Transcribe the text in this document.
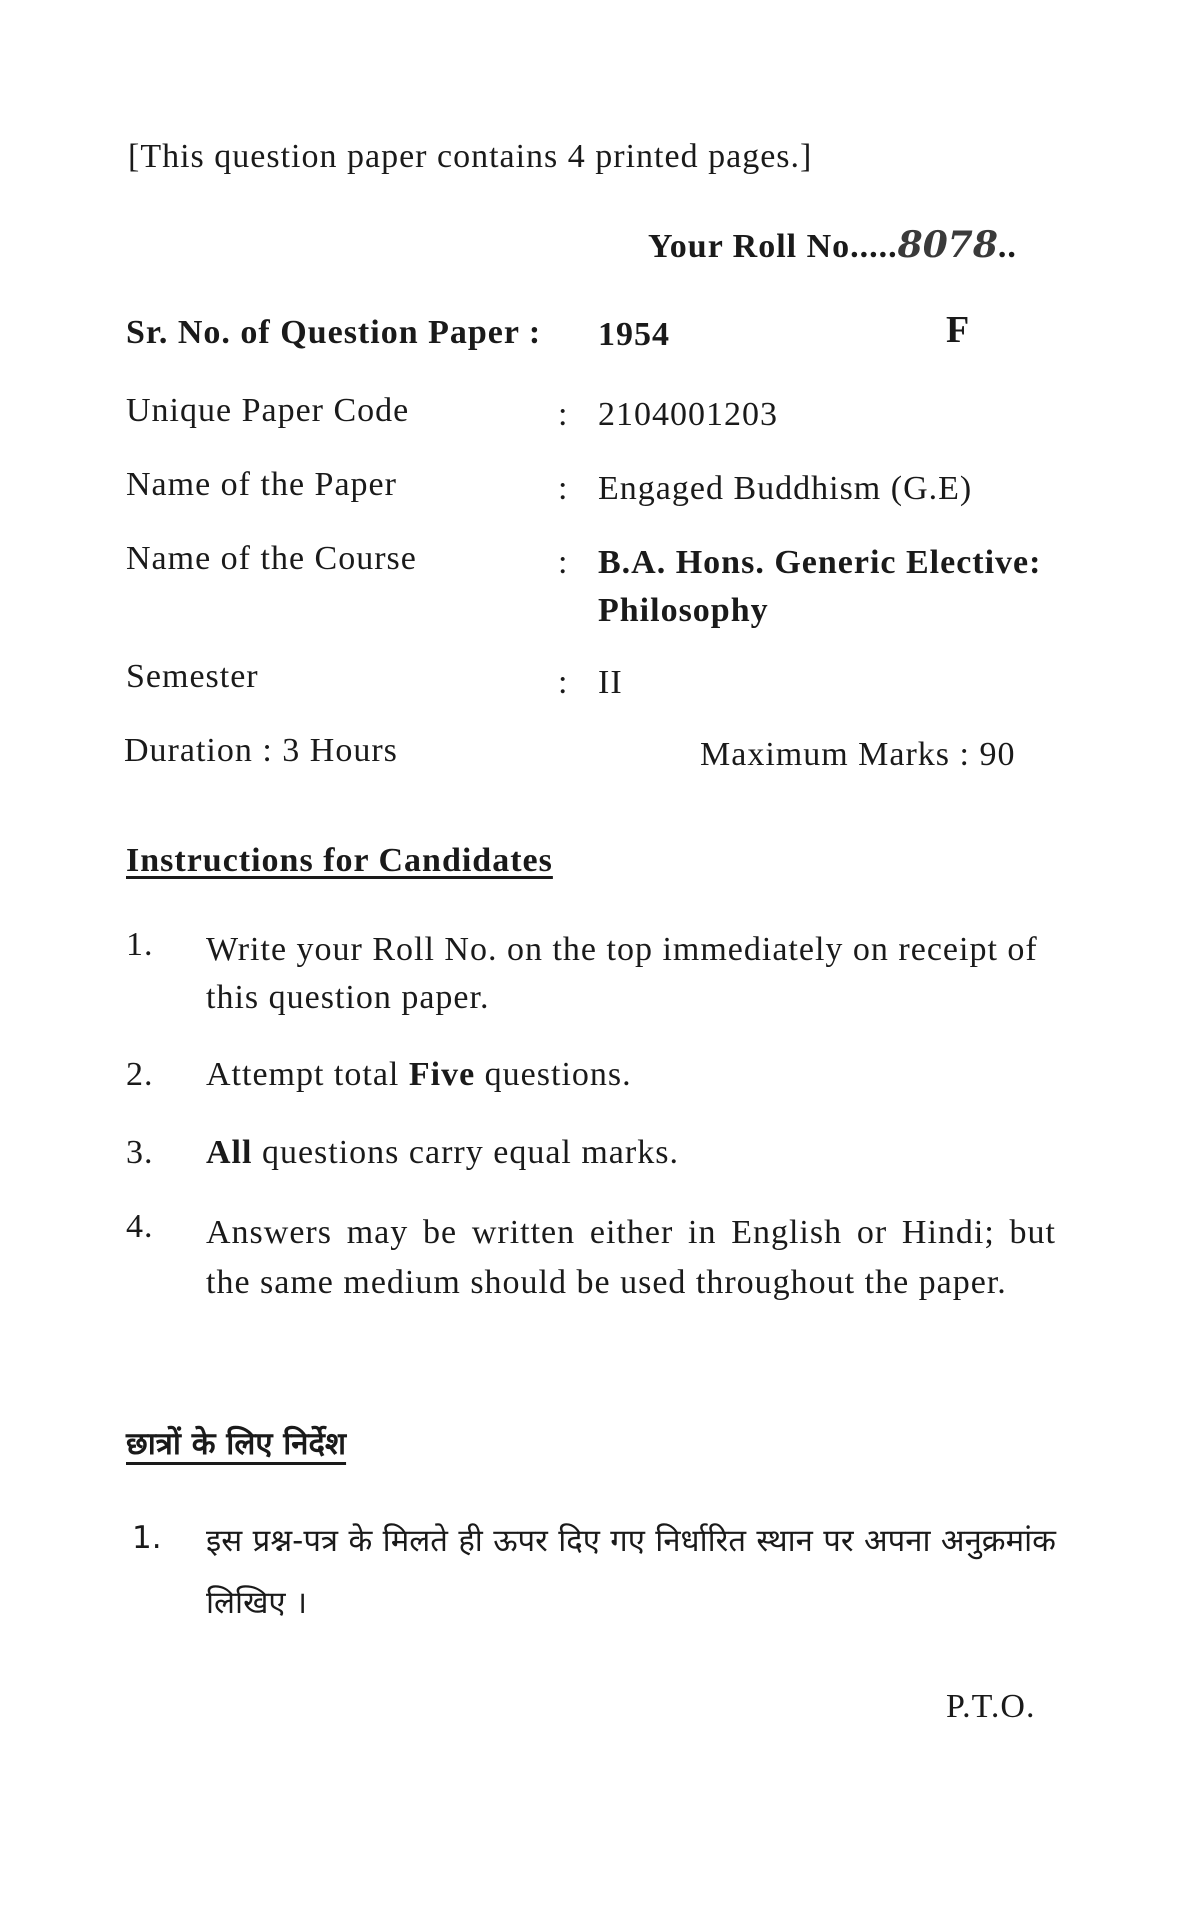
[This question paper contains 4 printed pages.]
Your Roll No.....8078..
Sr. No. of Question Paper : 1954	F
Unique Paper Code	: 2104001203
Name of the Paper	: Engaged Buddhism (G.E)
Name of the Course	: B.A. Hons. Generic Elective:
Philosophy
Semester	: II
Duration : 3 Hours	Maximum Marks : 90
Instructions for Candidates
1. Write your Roll No. on the top immediately on receipt of this question paper.
2. Attempt total Five questions.
3. All questions carry equal marks.
4. Answers may be written either in English or Hindi; but the same medium should be used throughout the paper.
छात्रों के लिए निर्देश
1. इस प्रश्न-पत्र के मिलते ही ऊपर दिए गए निर्धारित स्थान पर अपना अनुक्रमांक लिखिए ।
P.T.O.
